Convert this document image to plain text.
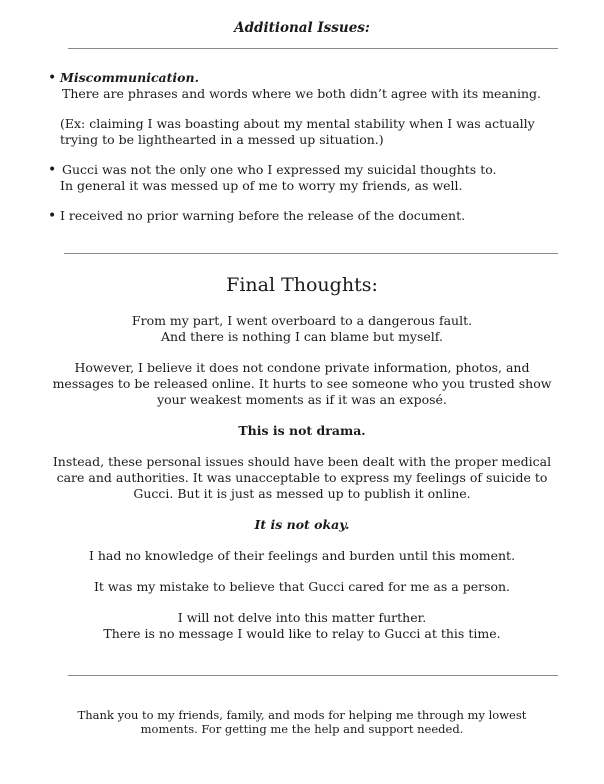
Additional Issues:
• Miscommunication.

There are phrases and words where we both didn’t agree with its meaning.

(Ex: claiming I was boasting about my mental stability when I was actually

trying to be lighthearted in a messed up situation.)

• Gucci was not the only one who I expressed my suicidal thoughts to.

In general it was messed up of me to worry my friends, as well.

• I received no prior warning before the release of the document.

Final Thoughts:

From my part, I went overboard to a dangerous fault.
And there is nothing I can blame but myself.

However, I believe it does not condone private information, photos, and
messages to be released online. It hurts to see someone who you trusted show
your weakest moments as if it was an exposé.

This is not drama.

Instead, these personal issues should have been dealt with the proper medical
care and authorities. It was unacceptable to express my feelings of suicide to
Gucci. But it is just as messed up to publish it online.

It is not okay.

I had no knowledge of their feelings and burden until this moment.

It was my mistake to believe that Gucci cared for me as a person.

I will not delve into this matter further.
There is no message I would like to relay to Gucci at this time.

Thank you to my friends, family, and mods for helping me through my lowest
moments. For getting me the help and support needed.
